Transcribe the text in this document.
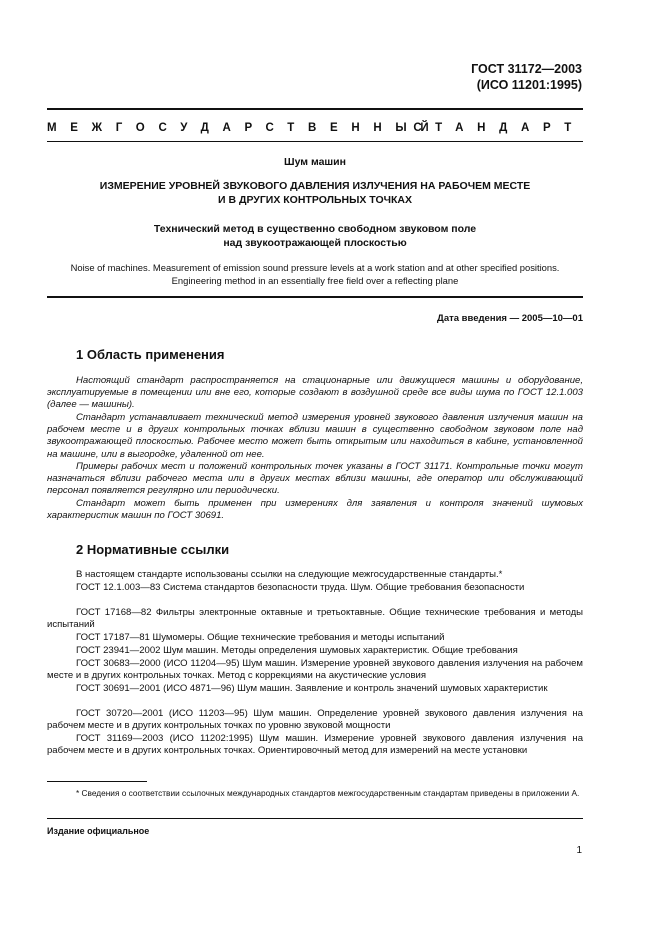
ГОСТ 31172—2003
(ИСО 11201:1995)
МЕЖГОСУДАРСТВЕННЫЙ
СТАНДАРТ
Шум машин
ИЗМЕРЕНИЕ УРОВНЕЙ ЗВУКОВОГО ДАВЛЕНИЯ ИЗЛУЧЕНИЯ НА РАБОЧЕМ МЕСТЕ
И В ДРУГИХ КОНТРОЛЬНЫХ ТОЧКАХ
Технический метод в существенно свободном звуковом поле
над звукоотражающей плоскостью
Noise of machines. Measurement of emission sound pressure levels at a work station and at other specified positions.
Engineering method in an essentially free field over a reflecting plane
Дата введения — 2005—10—01
1 Область применения

Настоящий стандарт распространяется на стационарные или движущиеся машины и оборудование, эксплуатируемые в помещении или вне его, которые создают в воздушной среде все виды шума по ГОСТ 12.1.003 (далее — машины).

Стандарт устанавливает технический метод измерения уровней звукового давления излучения машин на рабочем месте и в других контрольных точках вблизи машин в существенно свободном звуковом поле над звукоотражающей плоскостью. Рабочее место может быть открытым или находиться в кабине, установленной на машине, или в выгородке, удаленной от нее.

Примеры рабочих мест и положений контрольных точек указаны в ГОСТ 31171. Контрольные точки могут назначаться вблизи рабочего места или в других местах вблизи машины, где оператор или обслуживающий персонал появляется регулярно или периодически.

Стандарт может быть применен при измерениях для заявления и контроля значений шумовых характеристик машин по ГОСТ 30691.

2 Нормативные ссылки

В настоящем стандарте использованы ссылки на следующие межгосударственные стандарты.*

ГОСТ 12.1.003—83 Система стандартов безопасности труда. Шум. Общие требования безопасности

ГОСТ 17168—82 Фильтры электронные октавные и третьоктавные. Общие технические требования и методы испытаний

ГОСТ 17187—81 Шумомеры. Общие технические требования и методы испытаний

ГОСТ 23941—2002 Шум машин. Методы определения шумовых характеристик. Общие требования

ГОСТ 30683—2000 (ИСО 11204—95) Шум машин. Измерение уровней звукового давления излучения на рабочем месте и в других контрольных точках. Метод с коррекциями на акустические условия

ГОСТ 30691—2001 (ИСО 4871—96) Шум машин. Заявление и контроль значений шумовых характеристик

ГОСТ 30720—2001 (ИСО 11203—95) Шум машин. Определение уровней звукового давления излучения на рабочем месте и в других контрольных точках по уровню звуковой мощности

ГОСТ 31169—2003 (ИСО 11202:1995) Шум машин. Измерение уровней звукового давления излучения на рабочем месте и в других контрольных точках. Ориентировочный метод для измерений на месте установки

* Сведения о соответствии ссылочных международных стандартов межгосударственным стандартам приведены в приложении А.

Издание официальное
1
